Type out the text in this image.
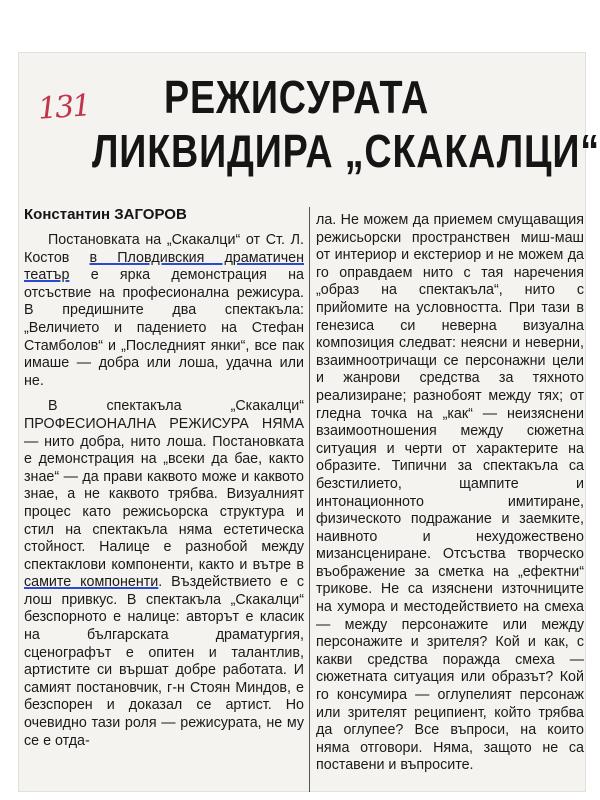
131 РЕЖИСУРАТА

ЛИКВИДИРА „СКАКАЛЦИ“

Константин ЗАГОРОВ

Постановката на „Скакалци“ от Ст. Л. Костов в Пловдивския драматичен театър е ярка демонстрация на отсъствие на професионална режисура. В предишните два спектакъла: „Величието и падението на Стефан Стамболов“ и „Последният янки“, все пак имаше — добра или лоша, удачна или не.

В спектакъла „Скакалци“ ПРОФЕСИОНАЛНА РЕЖИСУРА НЯМА — нито добра, нито лоша. Постановката е демонстрация на „всеки да бае, както знае“ — да прави каквото може и каквото знае, а не каквото трябва. Визуалният процес като режисьорска структура и стил на спектакъла няма естетическа стойност. Налице е разнобой между спектаклови компоненти, както и вътре в самите компоненти. Въздействието е с лош привкус. В спектакъла „Скакалци“ безспорното е налице: авторът е класик на българската драматургия, сценографът е опитен и талантлив, артистите си вършат добре работата. И самият постановчик, г-н Стоян Миндов, е безспорен и доказал се артист. Но очевидно тази роля — режисурата, не му се е отда-

ла. Не можем да приемем смущаващия режисьорски пространствен миш-маш от интериор и екстериор и не можем да го оправдаем нито с тая наречения „образ на спектакъла“, нито с прийомите на условността. При тази в генезиса си неверна визуална композиция следват: неясни и неверни, взаимноотричащи се персонажни цели и жанрови средства за тяхното реализиране; разнобоят между тях; от гледна точка на „как“ — неизяснени взаимоотношения между сюжетна ситуация и черти от характерите на образите. Типични за спектакъла са безстилието, щампите и интонационното имитиране, физическото подражание и заемките, наивното и нехудожествено мизансцениране. Отсъства творческо въображение за сметка на „ефектни“ трикове. Не са изяснени източниците на хумора и местодействието на смеха — между персонажите или между персонажите и зрителя? Кой и как, с какви средства поражда смеха — сюжетната ситуация или образът? Кой го консумира — оглупелият персонаж или зрителят реципиент, който трябва да оглупее? Все въпроси, на които няма отговори. Няма, защото не са поставени и въпросите.
